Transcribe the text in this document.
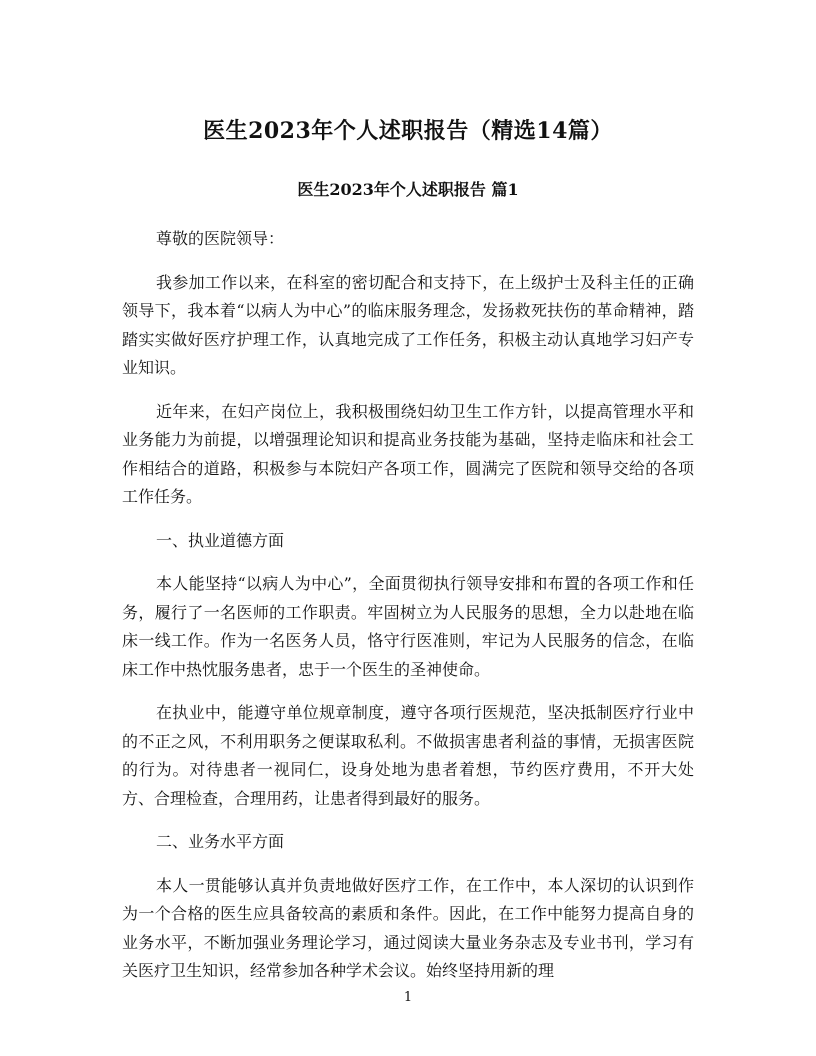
医生2023年个人述职报告（精选14篇）
医生2023年个人述职报告 篇1

尊敬的医院领导：

我参加工作以来，在科室的密切配合和支持下，在上级护士及科主任的正确领导下，我本着“以病人为中心”的临床服务理念，发扬救死扶伤的革命精神，踏踏实实做好医疗护理工作，认真地完成了工作任务，积极主动认真地学习妇产专业知识。

近年来，在妇产岗位上，我积极围绕妇幼卫生工作方针，以提高管理水平和业务能力为前提，以增强理论知识和提高业务技能为基础，坚持走临床和社会工作相结合的道路，积极参与本院妇产各项工作，圆满完了医院和领导交给的各项工作任务。

一、执业道德方面

本人能坚持“以病人为中心”，全面贯彻执行领导安排和布置的各项工作和任务，履行了一名医师的工作职责。牢固树立为人民服务的思想，全力以赴地在临床一线工作。作为一名医务人员，恪守行医准则，牢记为人民服务的信念，在临床工作中热忱服务患者，忠于一个医生的圣神使命。

在执业中，能遵守单位规章制度，遵守各项行医规范，坚决抵制医疗行业中的不正之风，不利用职务之便谋取私利。不做损害患者利益的事情，无损害医院的行为。对待患者一视同仁，设身处地为患者着想，节约医疗费用，不开大处方、合理检查，合理用药，让患者得到最好的服务。

二、业务水平方面

本人一贯能够认真并负责地做好医疗工作，在工作中，本人深切的认识到作为一个合格的医生应具备较高的素质和条件。因此，在工作中能努力提高自身的业务水平，不断加强业务理论学习，通过阅读大量业务杂志及专业书刊，学习有关医疗卫生知识，经常参加各种学术会议。始终坚持用新的理

1
